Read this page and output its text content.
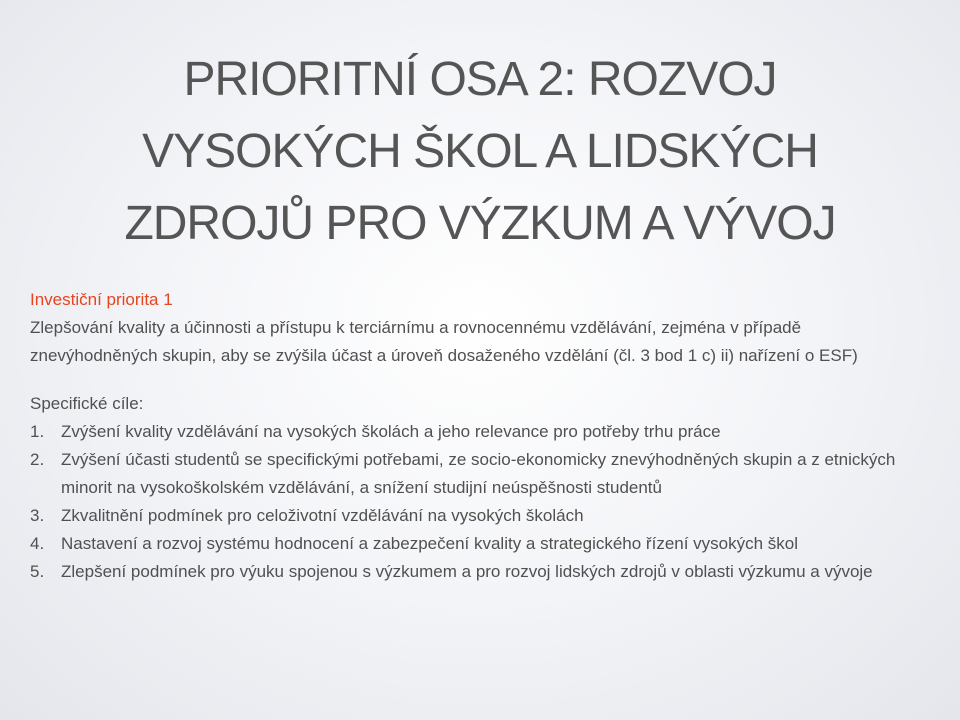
PRIORITNÍ OSA 2: ROZVOJ
VYSOKÝCH ŠKOL A LIDSKÝCH
ZDROJŮ PRO VÝZKUM A VÝVOJ
Investiční priorita 1

Zlepšování kvality a účinnosti a přístupu k terciárnímu a rovnocennému vzdělávání, zejména v případě znevýhodněných skupin, aby se zvýšila účast a úroveň dosaženého vzdělání (čl. 3 bod 1 c) ii) nařízení o ESF)

Specifické cíle:
1. Zvýšení kvality vzdělávání na vysokých školách a jeho relevance pro potřeby trhu práce
2. Zvýšení účasti studentů se specifickými potřebami, ze socio-ekonomicky znevýhodněných skupin a z etnických minorit na vysokoškolském vzdělávání, a snížení studijní neúspěšnosti studentů
3. Zkvalitnění podmínek pro celoživotní vzdělávání na vysokých školách
4. Nastavení a rozvoj systému hodnocení a zabezpečení kvality a strategického řízení vysokých škol
5. Zlepšení podmínek pro výuku spojenou s výzkumem a pro rozvoj lidských zdrojů v oblasti výzkumu a vývoje
